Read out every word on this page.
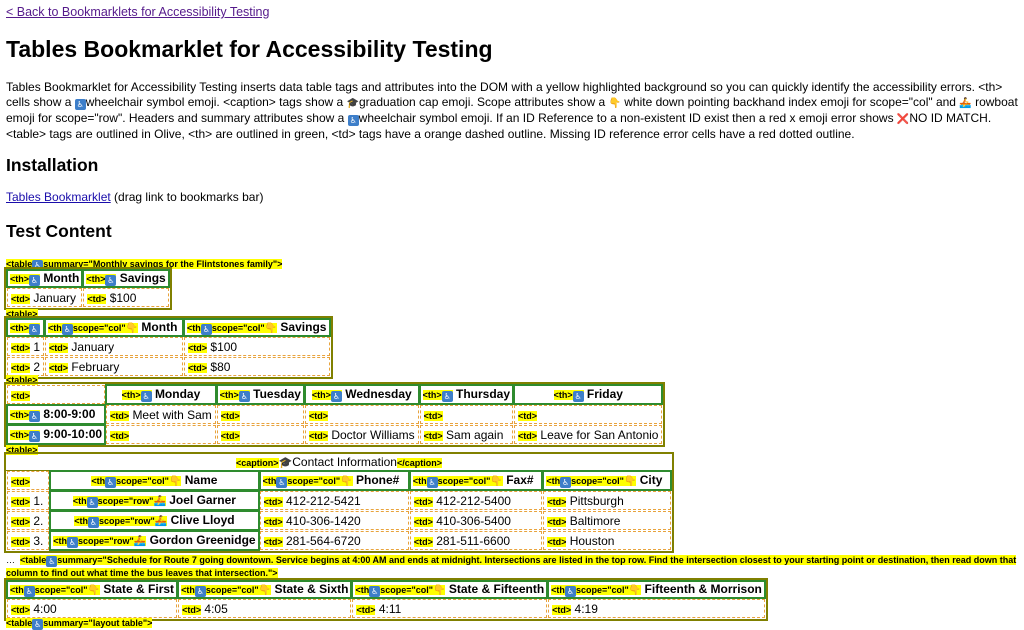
< Back to Bookmarklets for Accessibility Testing
Tables Bookmarklet for Accessibility Testing

Tables Bookmarklet for Accessibility Testing inserts data table tags and attributes into the DOM with a yellow highlighted background so you can quickly identify the accessibility errors. <th> cells show a ♿ wheelchair symbol emoji. <caption> tags show a 🎓graduation cap emoji. Scope attributes show a 👇 white down pointing backhand index emoji for scope="col" and 🚣 rowboat emoji for scope="row". Headers and summary attributes show a ♿ wheelchair symbol emoji. If an ID Reference to a non-existent ID exist then a red x emoji error shows ❌NO ID MATCH. <table> tags are outlined in Olive, <th> are outlined in green, <td> tags have a orange dashed outline. Missing ID reference error cells have a red dotted outline.

Installation
Tables Bookmarklet (drag link to bookmarks bar)
Test Content
<table ♿ summary="Monthly savings for the Flintstones family">
<th> ♿ Month	<th> ♿ Savings
<td> January	<td> $100
<table>
<th> ♿	<th ♿ scope="col"👇 Month	<th ♿ scope="col"👇 Savings
<td> 1	<td> January	<td> $100
<td> 2	<td> February	<td> $80
<table>
<td>	<th> ♿ Monday	<th> ♿ Tuesday	<th> ♿ Wednesday	<th> ♿ Thursday	<th> ♿ Friday
<th> ♿ 8:00-9:00	<td> Meet with Sam	<td>	<td>	<td>	<td>
<th> ♿ 9:00-10:00	<td>	<td>	<td> Doctor Williams	<td> Sam again	<td> Leave for San Antonio
<table>
<caption>🎓Contact Information</caption>
<td>	<th ♿ scope="col"👇 Name	<th ♿ scope="col"👇 Phone#	<th ♿ scope="col"👇 Fax#	<th ♿ scope="col"👇 City
<td> 1.	<th ♿ scope="row"🚣 Joel Garner	<td> 412-212-5421	<td> 412-212-5400	<td> Pittsburgh
<td> 2.	<th ♿ scope="row"🚣 Clive Lloyd	<td> 410-306-1420	<td> 410-306-5400	<td> Baltimore
<td> 3.	<th ♿ scope="row"🚣 Gordon Greenidge	<td> 281-564-6720	<td> 281-511-6600	<td> Houston
… <table ♿ summary="Schedule for Route 7 going downtown. Service begins at 4:00 AM and ends at midnight. Intersections are listed in the top row. Find the intersection closest to your starting point or destination, then read down that column to find out what time the bus leaves that intersection.">
<th ♿ scope="col"👇 State & First	<th ♿ scope="col"👇 State & Sixth	<th ♿ scope="col"👇 State & Fifteenth	<th ♿ scope="col"👇 Fifteenth & Morrison
<td> 4:00	<td> 4:05	<td> 4:11	<td> 4:19
<table ♿ summary="layout table">
